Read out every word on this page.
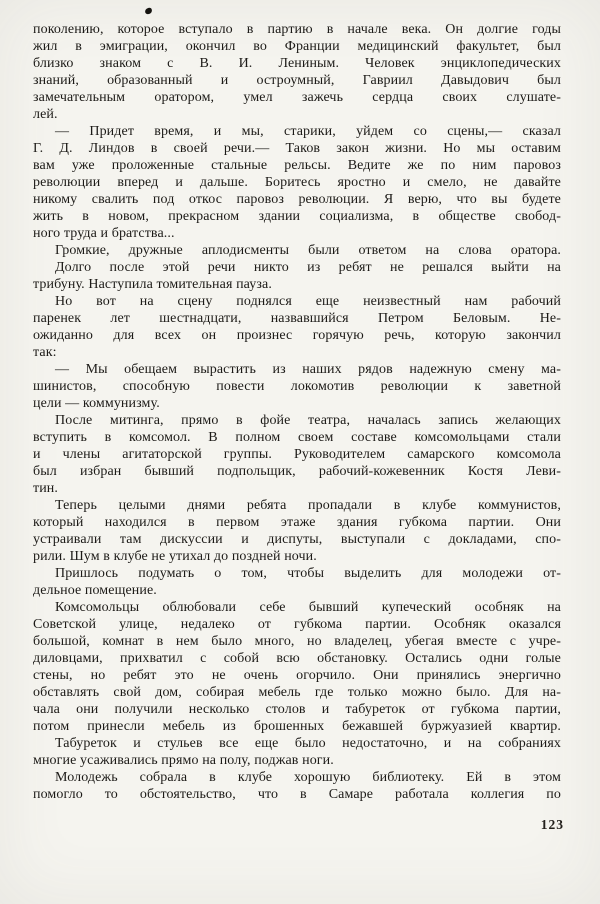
поколению, которое вступало в партию в начале века. Он долгие годы
жил в эмиграции, окончил во Франции медицинский факультет, был
близко знаком с В. И. Лениным. Человек энциклопедических
знаний, образованный и остроумный, Гавриил Давыдович был
замечательным оратором, умел зажечь сердца своих слушате-
лей.
— Придет время, и мы, старики, уйдем со сцены,— сказал
Г. Д. Линдов в своей речи.— Таков закон жизни. Но мы оставим
вам уже проложенные стальные рельсы. Ведите же по ним паровоз
революции вперед и дальше. Боритесь яростно и смело, не давайте
никому свалить под откос паровоз революции. Я верю, что вы будете
жить в новом, прекрасном здании социализма, в обществе свобод-
ного труда и братства...
Громкие, дружные аплодисменты были ответом на слова оратора.
Долго после этой речи никто из ребят не решался выйти на
трибуну. Наступила томительная пауза.
Но вот на сцену поднялся еще неизвестный нам рабочий
паренек лет шестнадцати, назвавшийся Петром Беловым. Не-
ожиданно для всех он произнес горячую речь, которую закончил
так:
— Мы обещаем вырастить из наших рядов надежную смену ма-
шинистов, способную повести локомотив революции к заветной
цели — коммунизму.
После митинга, прямо в фойе театра, началась запись желающих
вступить в комсомол. В полном своем составе комсомольцами стали
и члены агитаторской группы. Руководителем самарского комсомола
был избран бывший подпольщик, рабочий-кожевенник Костя Леви-
тин.
Теперь целыми днями ребята пропадали в клубе коммунистов,
который находился в первом этаже здания губкома партии. Они
устраивали там дискуссии и диспуты, выступали с докладами, спо-
рили. Шум в клубе не утихал до поздней ночи.
Пришлось подумать о том, чтобы выделить для молодежи от-
дельное помещение.
Комсомольцы облюбовали себе бывший купеческий особняк на
Советской улице, недалеко от губкома партии. Особняк оказался
большой, комнат в нем было много, но владелец, убегая вместе с учре-
диловцами, прихватил с собой всю обстановку. Остались одни голые
стены, но ребят это не очень огорчило. Они принялись энергично
обставлять свой дом, собирая мебель где только можно было. Для на-
чала они получили несколько столов и табуреток от губкома партии,
потом принесли мебель из брошенных бежавшей буржуазией квартир.
Табуреток и стульев все еще было недостаточно, и на собраниях
многие усаживались прямо на полу, поджав ноги.
Молодежь собрала в клубе хорошую библиотеку. Ей в этом
помогло то обстоятельство, что в Самаре работала коллегия по
123
